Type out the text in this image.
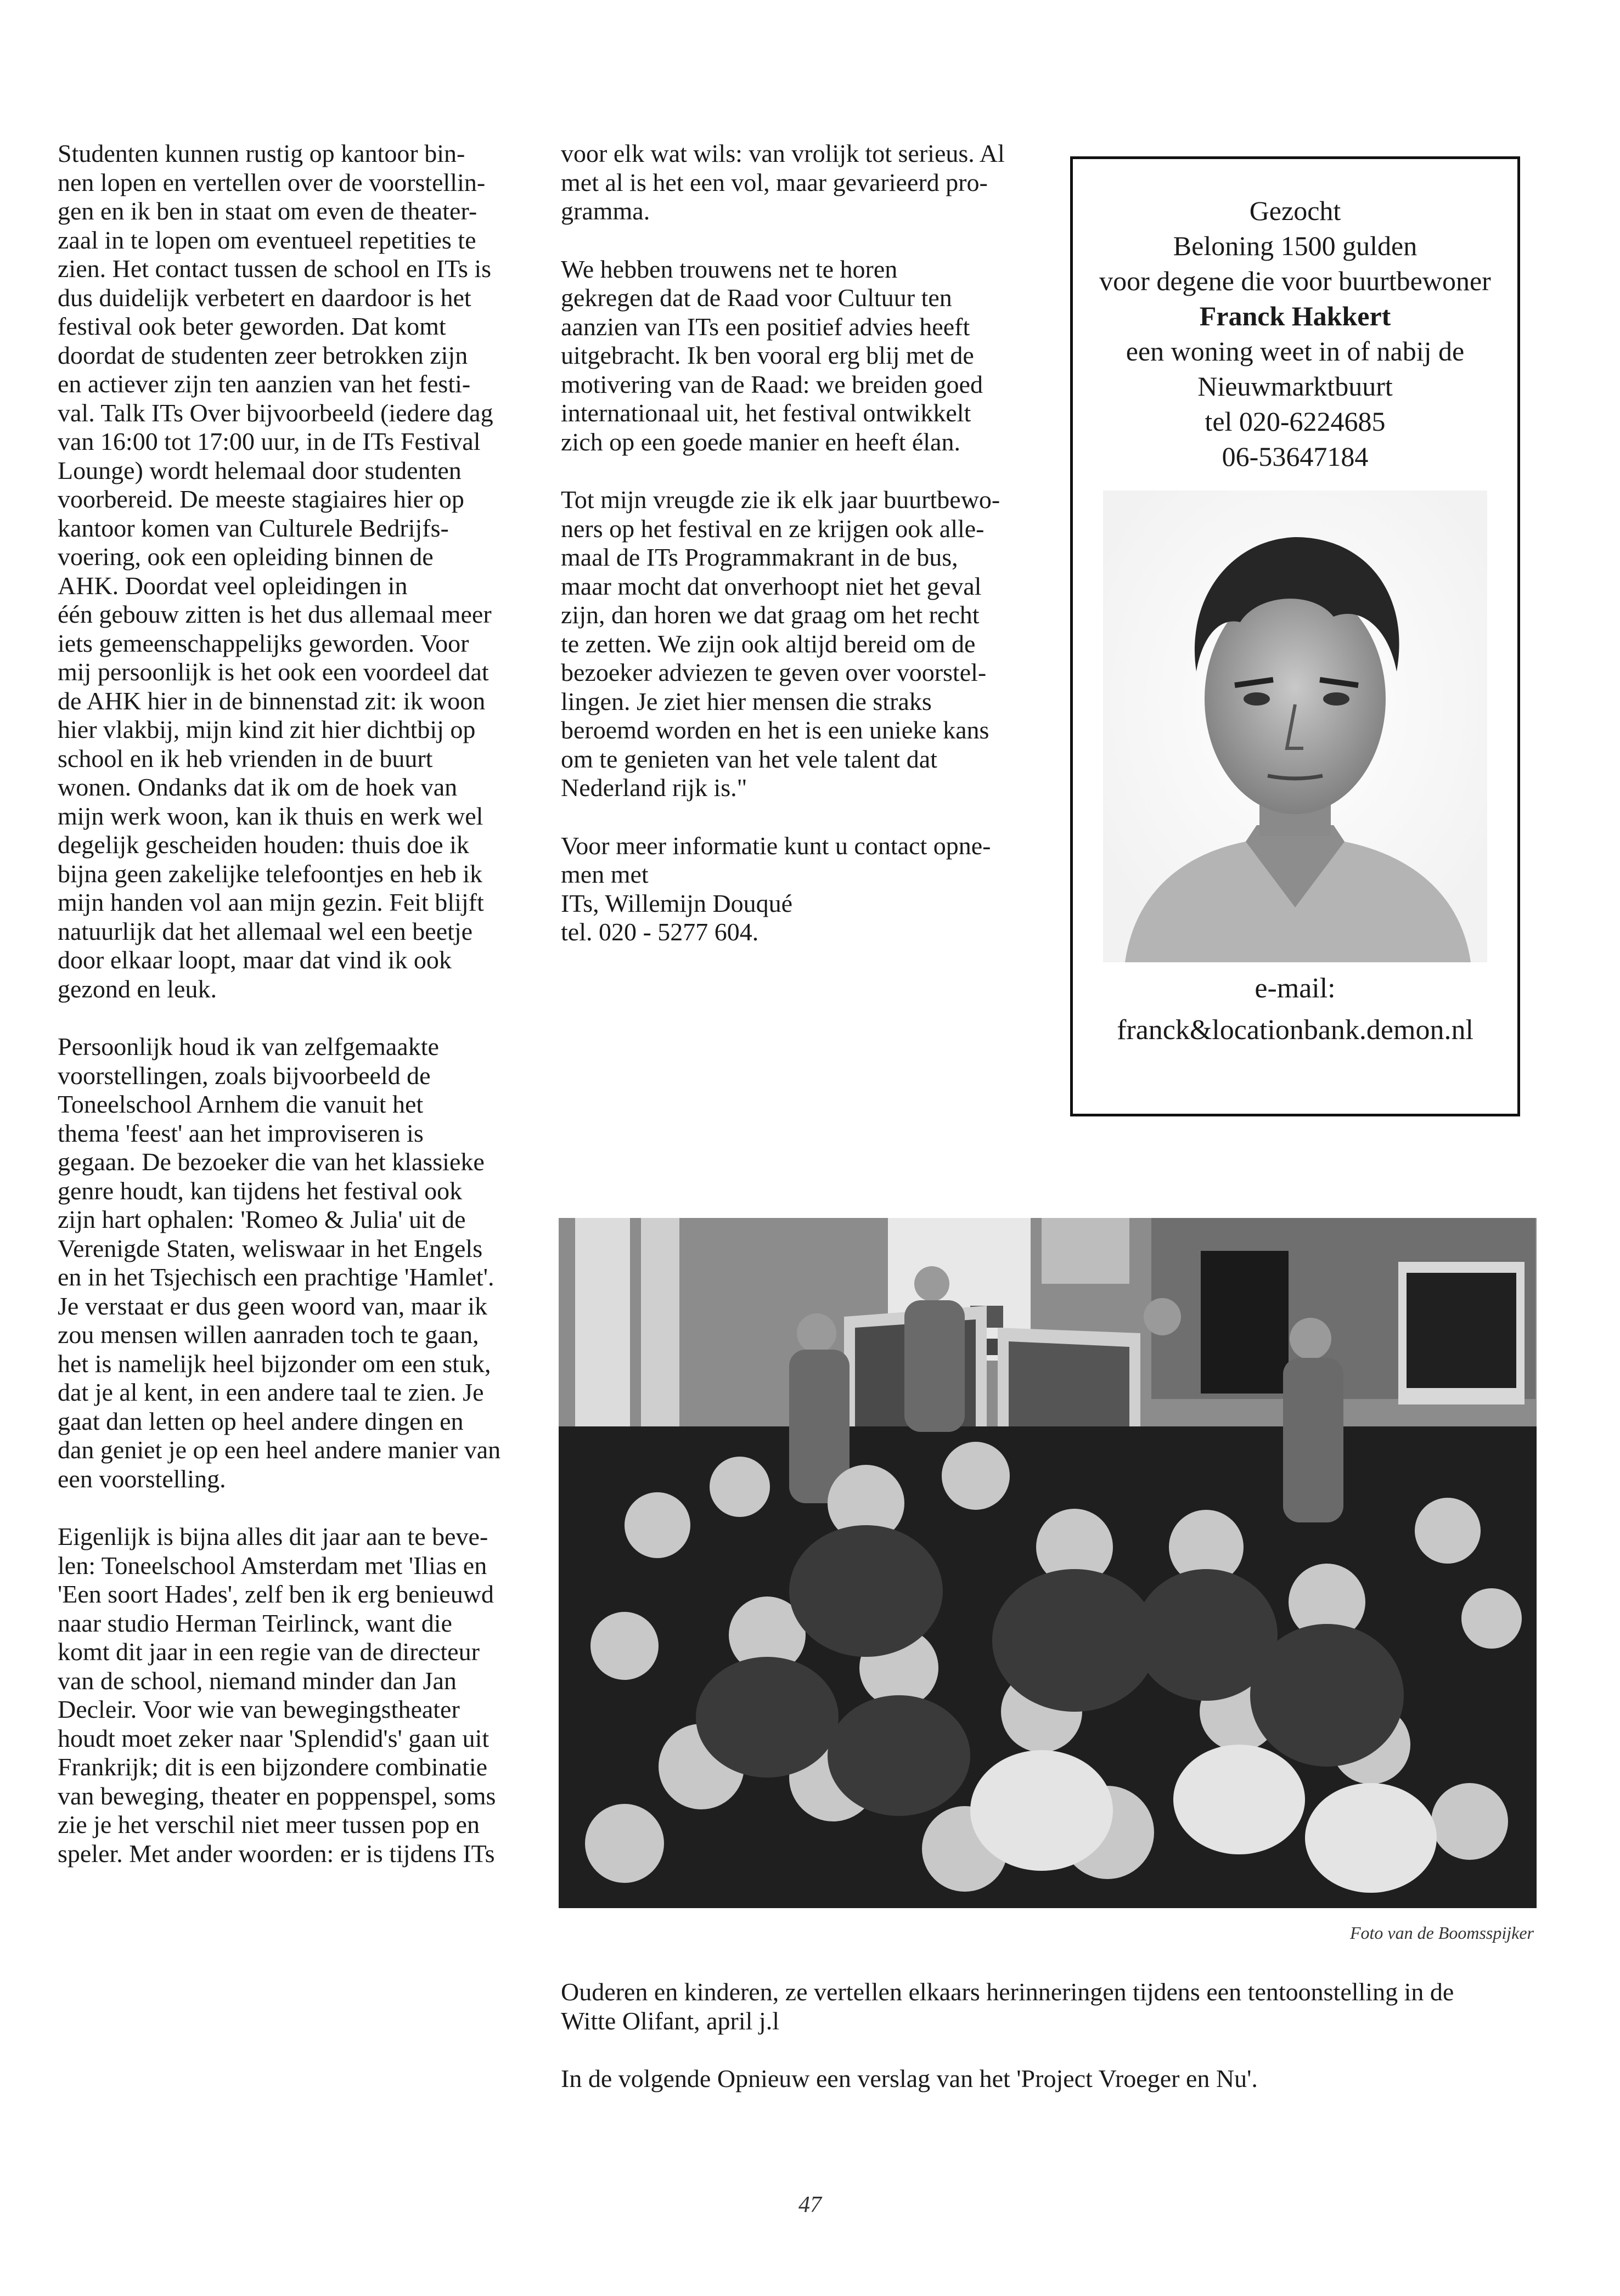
Studenten kunnen rustig op kantoor bin-
nen lopen en vertellen over de voorstellin-
gen en ik ben in staat om even de theater-
zaal in te lopen om eventueel repetities te
zien. Het contact tussen de school en ITs is
dus duidelijk verbetert en daardoor is het
festival ook beter geworden. Dat komt
doordat de studenten zeer betrokken zijn
en actiever zijn ten aanzien van het festi-
val. Talk ITs Over bijvoorbeeld (iedere dag
van 16:00 tot 17:00 uur, in de ITs Festival
Lounge) wordt helemaal door studenten
voorbereid. De meeste stagiaires hier op
kantoor komen van Culturele Bedrijfs-
voering, ook een opleiding binnen de
AHK. Doordat veel opleidingen in
één gebouw zitten is het dus allemaal meer
iets gemeenschappelijks geworden. Voor
mij persoonlijk is het ook een voordeel dat
de AHK hier in de binnenstad zit: ik woon
hier vlakbij, mijn kind zit hier dichtbij op
school en ik heb vrienden in de buurt
wonen. Ondanks dat ik om de hoek van
mijn werk woon, kan ik thuis en werk wel
degelijk gescheiden houden: thuis doe ik
bijna geen zakelijke telefoontjes en heb ik
mijn handen vol aan mijn gezin. Feit blijft
natuurlijk dat het allemaal wel een beetje
door elkaar loopt, maar dat vind ik ook
gezond en leuk.

Persoonlijk houd ik van zelfgemaakte
voorstellingen, zoals bijvoorbeeld de
Toneelschool Arnhem die vanuit het
thema 'feest' aan het improviseren is
gegaan. De bezoeker die van het klassieke
genre houdt, kan tijdens het festival ook
zijn hart ophalen: 'Romeo & Julia' uit de
Verenigde Staten, weliswaar in het Engels
en in het Tsjechisch een prachtige 'Hamlet'.
Je verstaat er dus geen woord van, maar ik
zou mensen willen aanraden toch te gaan,
het is namelijk heel bijzonder om een stuk,
dat je al kent, in een andere taal te zien. Je
gaat dan letten op heel andere dingen en
dan geniet je op een heel andere manier van
een voorstelling.

Eigenlijk is bijna alles dit jaar aan te beve-
len: Toneelschool Amsterdam met 'Ilias en
'Een soort Hades', zelf ben ik erg benieuwd
naar studio Herman Teirlinck, want die
komt dit jaar in een regie van de directeur
van de school, niemand minder dan Jan
Decleir. Voor wie van bewegingstheater
houdt moet zeker naar 'Splendid's' gaan uit
Frankrijk; dit is een bijzondere combinatie
van beweging, theater en poppenspel, soms
zie je het verschil niet meer tussen pop en
speler. Met ander woorden: er is tijdens ITs

voor elk wat wils: van vrolijk tot serieus. Al
met al is het een vol, maar gevarieerd pro-
gramma.

We hebben trouwens net te horen
gekregen dat de Raad voor Cultuur ten
aanzien van ITs een positief advies heeft
uitgebracht. Ik ben vooral erg blij met de
motivering van de Raad: we breiden goed
internationaal uit, het festival ontwikkelt
zich op een goede manier en heeft élan.

Tot mijn vreugde zie ik elk jaar buurtbewo-
ners op het festival en ze krijgen ook alle-
maal de ITs Programmakrant in de bus,
maar mocht dat onverhoopt niet het geval
zijn, dan horen we dat graag om het recht
te zetten. We zijn ook altijd bereid om de
bezoeker adviezen te geven over voorstel-
lingen. Je ziet hier mensen die straks
beroemd worden en het is een unieke kans
om te genieten van het vele talent dat
Nederland rijk is."

Voor meer informatie kunt u contact opne-
men met
ITs, Willemijn Douqué
tel. 020 - 5277 604.

Gezocht
Beloning 1500 gulden
voor degene die voor buurtbewoner
Franck Hakkert
een woning weet in of nabij de
Nieuwmarktbuurt
tel 020-6224685
06-53647184
e-mail:
franck&locationbank.demon.nl
Foto van de Boomsspijker

Ouderen en kinderen, ze vertellen elkaars herinneringen tijdens een tentoonstelling in de
Witte Olifant, april j.l

In de volgende Opnieuw een verslag van het 'Project Vroeger en Nu'.

47
